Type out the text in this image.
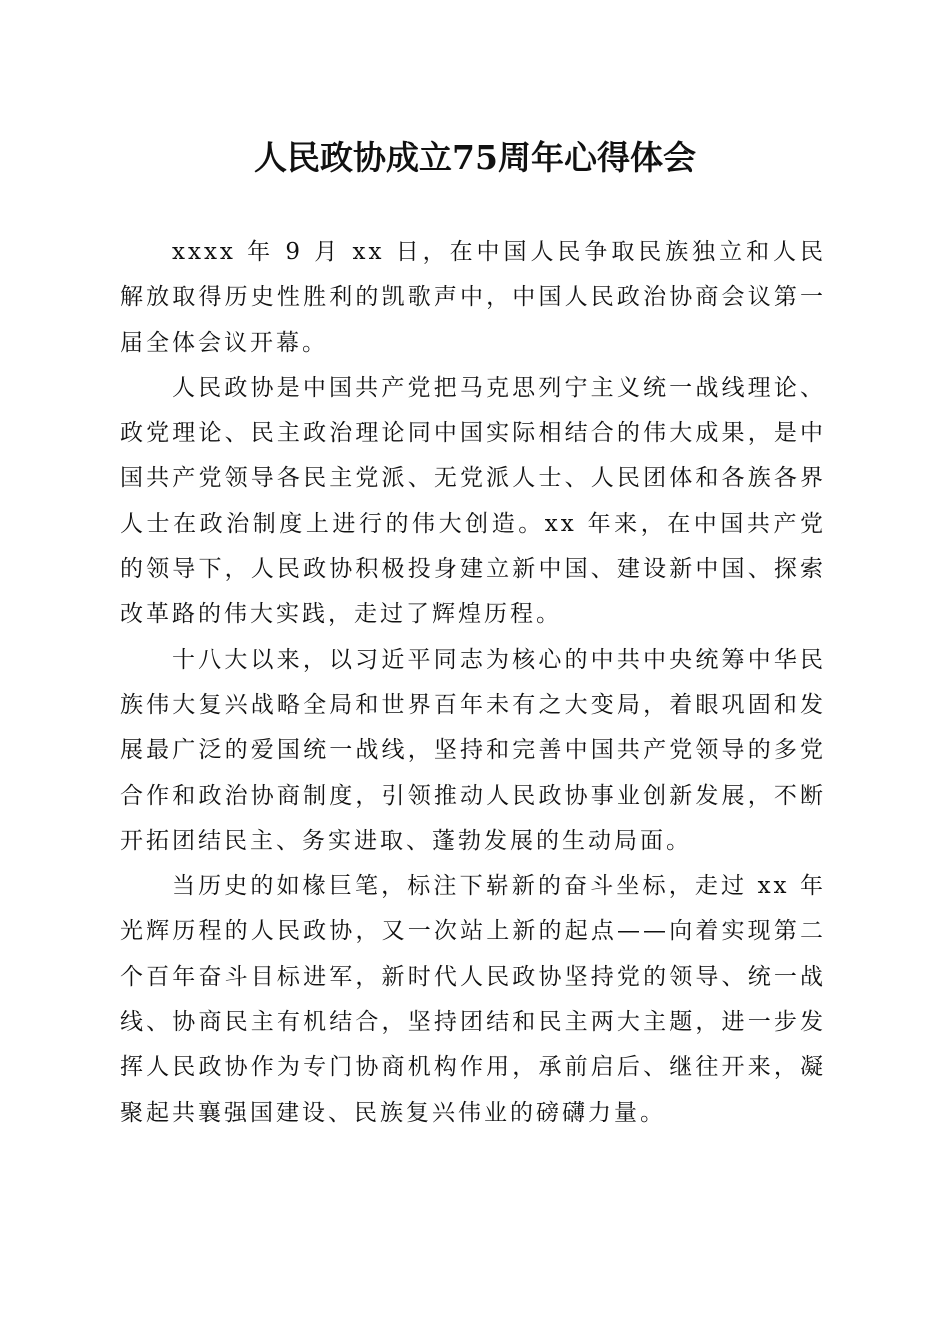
人民政协成立75周年心得体会

xxxx 年 9 月 xx 日，在中国人民争取民族独立和人民解放取得历史性胜利的凯歌声中，中国人民政治协商会议第一届全体会议开幕。

人民政协是中国共产党把马克思列宁主义统一战线理论、政党理论、民主政治理论同中国实际相结合的伟大成果，是中国共产党领导各民主党派、无党派人士、人民团体和各族各界人士在政治制度上进行的伟大创造。xx 年来，在中国共产党的领导下，人民政协积极投身建立新中国、建设新中国、探索改革路的伟大实践，走过了辉煌历程。

十八大以来，以习近平同志为核心的中共中央统筹中华民族伟大复兴战略全局和世界百年未有之大变局，着眼巩固和发展最广泛的爱国统一战线，坚持和完善中国共产党领导的多党合作和政治协商制度，引领推动人民政协事业创新发展，不断开拓团结民主、务实进取、蓬勃发展的生动局面。

当历史的如椽巨笔，标注下崭新的奋斗坐标，走过 xx 年光辉历程的人民政协，又一次站上新的起点——向着实现第二个百年奋斗目标进军，新时代人民政协坚持党的领导、统一战线、协商民主有机结合，坚持团结和民主两大主题，进一步发挥人民政协作为专门协商机构作用，承前启后、继往开来，凝聚起共襄强国建设、民族复兴伟业的磅礴力量。
